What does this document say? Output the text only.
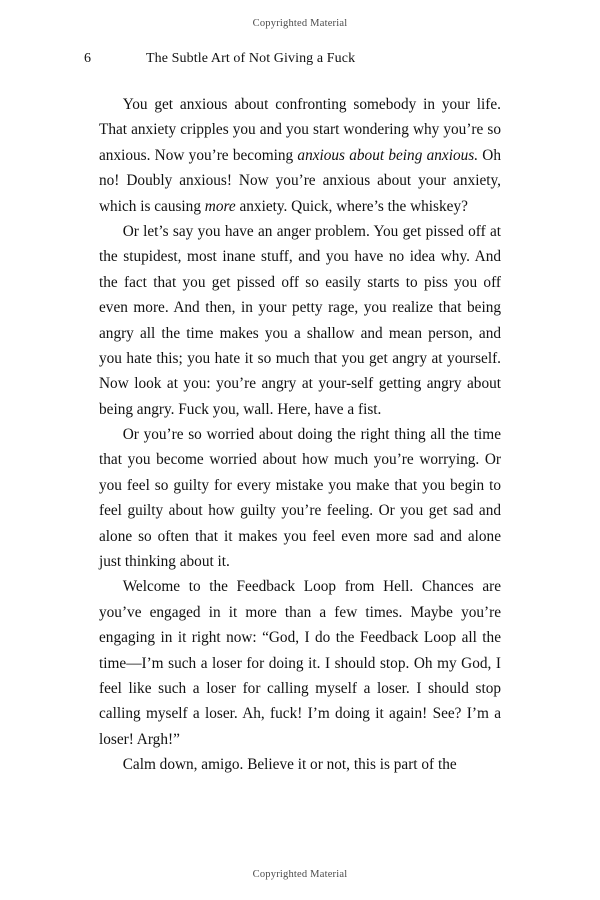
Copyrighted Material
6	The Subtle Art of Not Giving a Fuck

You get anxious about confronting somebody in your life. That anxiety cripples you and you start wondering why you’re so anxious. Now you’re becoming anxious about being anxious. Oh no! Doubly anxious! Now you’re anxious about your anxiety, which is causing more anxiety. Quick, where’s the whiskey?

Or let’s say you have an anger problem. You get pissed off at the stupidest, most inane stuff, and you have no idea why. And the fact that you get pissed off so easily starts to piss you off even more. And then, in your petty rage, you realize that being angry all the time makes you a shallow and mean person, and you hate this; you hate it so much that you get angry at yourself. Now look at you: you’re angry at your-self getting angry about being angry. Fuck you, wall. Here, have a fist.

Or you’re so worried about doing the right thing all the time that you become worried about how much you’re worrying. Or you feel so guilty for every mistake you make that you begin to feel guilty about how guilty you’re feeling. Or you get sad and alone so often that it makes you feel even more sad and alone just thinking about it.

Welcome to the Feedback Loop from Hell. Chances are you’ve engaged in it more than a few times. Maybe you’re engaging in it right now: “God, I do the Feedback Loop all the time—I’m such a loser for doing it. I should stop. Oh my God, I feel like such a loser for calling myself a loser. I should stop calling myself a loser. Ah, fuck! I’m doing it again! See? I’m a loser! Argh!”

Calm down, amigo. Believe it or not, this is part of the

Copyrighted Material
